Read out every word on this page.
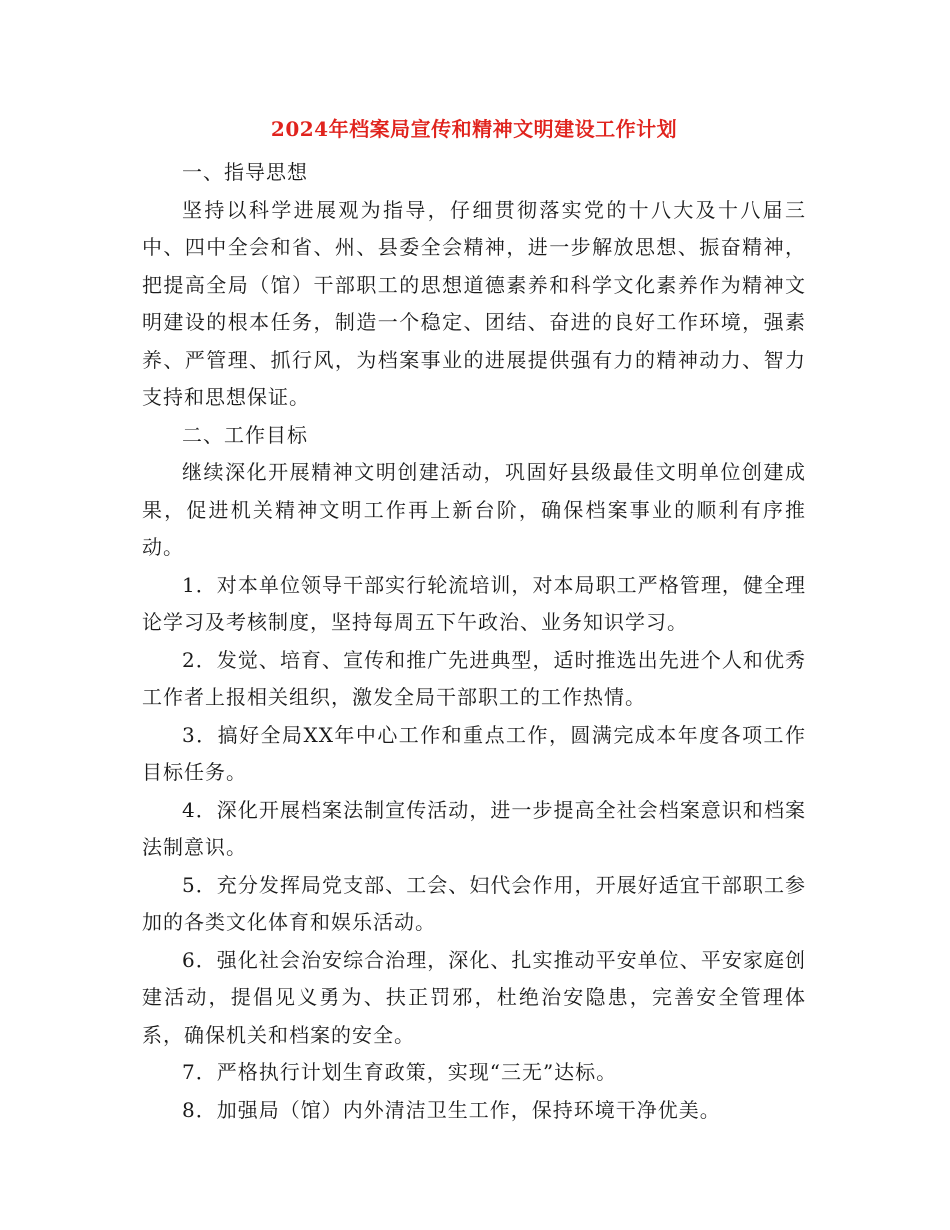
2024年档案局宣传和精神文明建设工作计划

一、指导思想

坚持以科学进展观为指导，仔细贯彻落实党的十八大及十八届三中、四中全会和省、州、县委全会精神，进一步解放思想、振奋精神，把提高全局（馆）干部职工的思想道德素养和科学文化素养作为精神文明建设的根本任务，制造一个稳定、团结、奋进的良好工作环境，强素养、严管理、抓行风，为档案事业的进展提供强有力的精神动力、智力支持和思想保证。

二、工作目标

继续深化开展精神文明创建活动，巩固好县级最佳文明单位创建成果，促进机关精神文明工作再上新台阶，确保档案事业的顺利有序推动。

1．对本单位领导干部实行轮流培训，对本局职工严格管理，健全理论学习及考核制度，坚持每周五下午政治、业务知识学习。

2．发觉、培育、宣传和推广先进典型，适时推选出先进个人和优秀工作者上报相关组织，激发全局干部职工的工作热情。

3．搞好全局XX年中心工作和重点工作，圆满完成本年度各项工作目标任务。

4．深化开展档案法制宣传活动，进一步提高全社会档案意识和档案法制意识。

5．充分发挥局党支部、工会、妇代会作用，开展好适宜干部职工参加的各类文化体育和娱乐活动。

6．强化社会治安综合治理，深化、扎实推动平安单位、平安家庭创建活动，提倡见义勇为、扶正罚邪，杜绝治安隐患，完善安全管理体系，确保机关和档案的安全。

7．严格执行计划生育政策，实现“三无”达标。

8．加强局（馆）内外清洁卫生工作，保持环境干净优美。
